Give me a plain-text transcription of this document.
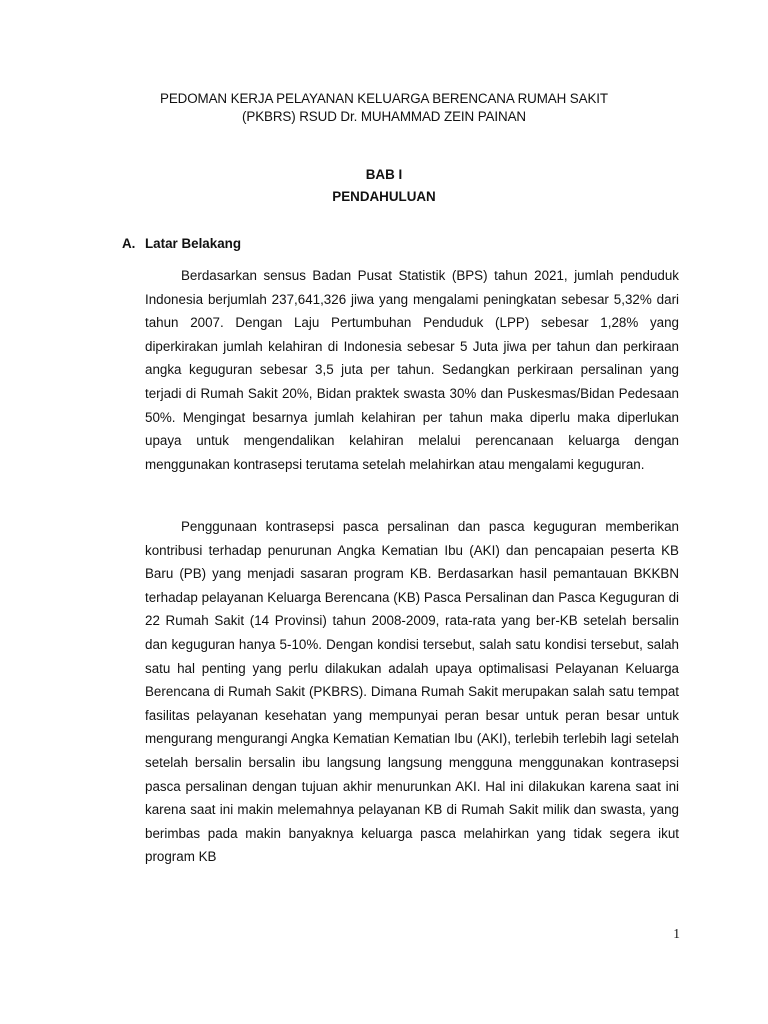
PEDOMAN KERJA PELAYANAN KELUARGA BERENCANA RUMAH SAKIT
(PKBRS) RSUD Dr. MUHAMMAD ZEIN PAINAN
BAB I
PENDAHULUAN
A. Latar Belakang

Berdasarkan sensus Badan Pusat Statistik (BPS) tahun 2021, jumlah penduduk Indonesia berjumlah 237,641,326 jiwa yang mengalami peningkatan sebesar 5,32% dari tahun 2007. Dengan Laju Pertumbuhan Penduduk (LPP) sebesar 1,28% yang diperkirakan jumlah kelahiran di Indonesia sebesar 5 Juta jiwa per tahun dan perkiraan angka keguguran sebesar 3,5 juta per tahun. Sedangkan perkiraan persalinan yang terjadi di Rumah Sakit 20%, Bidan praktek swasta 30% dan Puskesmas/Bidan Pedesaan 50%. Mengingat besarnya jumlah kelahiran per tahun maka diperlu maka diperlukan upaya untuk mengendalikan kelahiran melalui perencanaan keluarga dengan menggunakan kontrasepsi terutama setelah melahirkan atau mengalami keguguran.

Penggunaan kontrasepsi pasca persalinan dan pasca keguguran memberikan kontribusi terhadap penurunan Angka Kematian Ibu (AKI) dan pencapaian peserta KB Baru (PB) yang menjadi sasaran program KB. Berdasarkan hasil pemantauan BKKBN terhadap pelayanan Keluarga Berencana (KB) Pasca Persalinan dan Pasca Keguguran di 22 Rumah Sakit (14 Provinsi) tahun 2008-2009, rata-rata yang ber-KB setelah bersalin dan keguguran hanya 5-10%. Dengan kondisi tersebut, salah satu kondisi tersebut, salah satu hal penting yang perlu dilakukan adalah upaya optimalisasi Pelayanan Keluarga Berencana di Rumah Sakit (PKBRS). Dimana Rumah Sakit merupakan salah satu tempat fasilitas pelayanan kesehatan yang mempunyai peran besar untuk peran besar untuk mengurang mengurangi Angka Kematian Kematian Ibu (AKI), terlebih terlebih lagi setelah setelah bersalin bersalin ibu langsung langsung mengguna menggunakan kontrasepsi pasca persalinan dengan tujuan akhir menurunkan AKI. Hal ini dilakukan karena saat ini karena saat ini makin melemahnya pelayanan KB di Rumah Sakit milik dan swasta, yang berimbas pada makin banyaknya keluarga pasca melahirkan yang tidak segera ikut program KB

1
